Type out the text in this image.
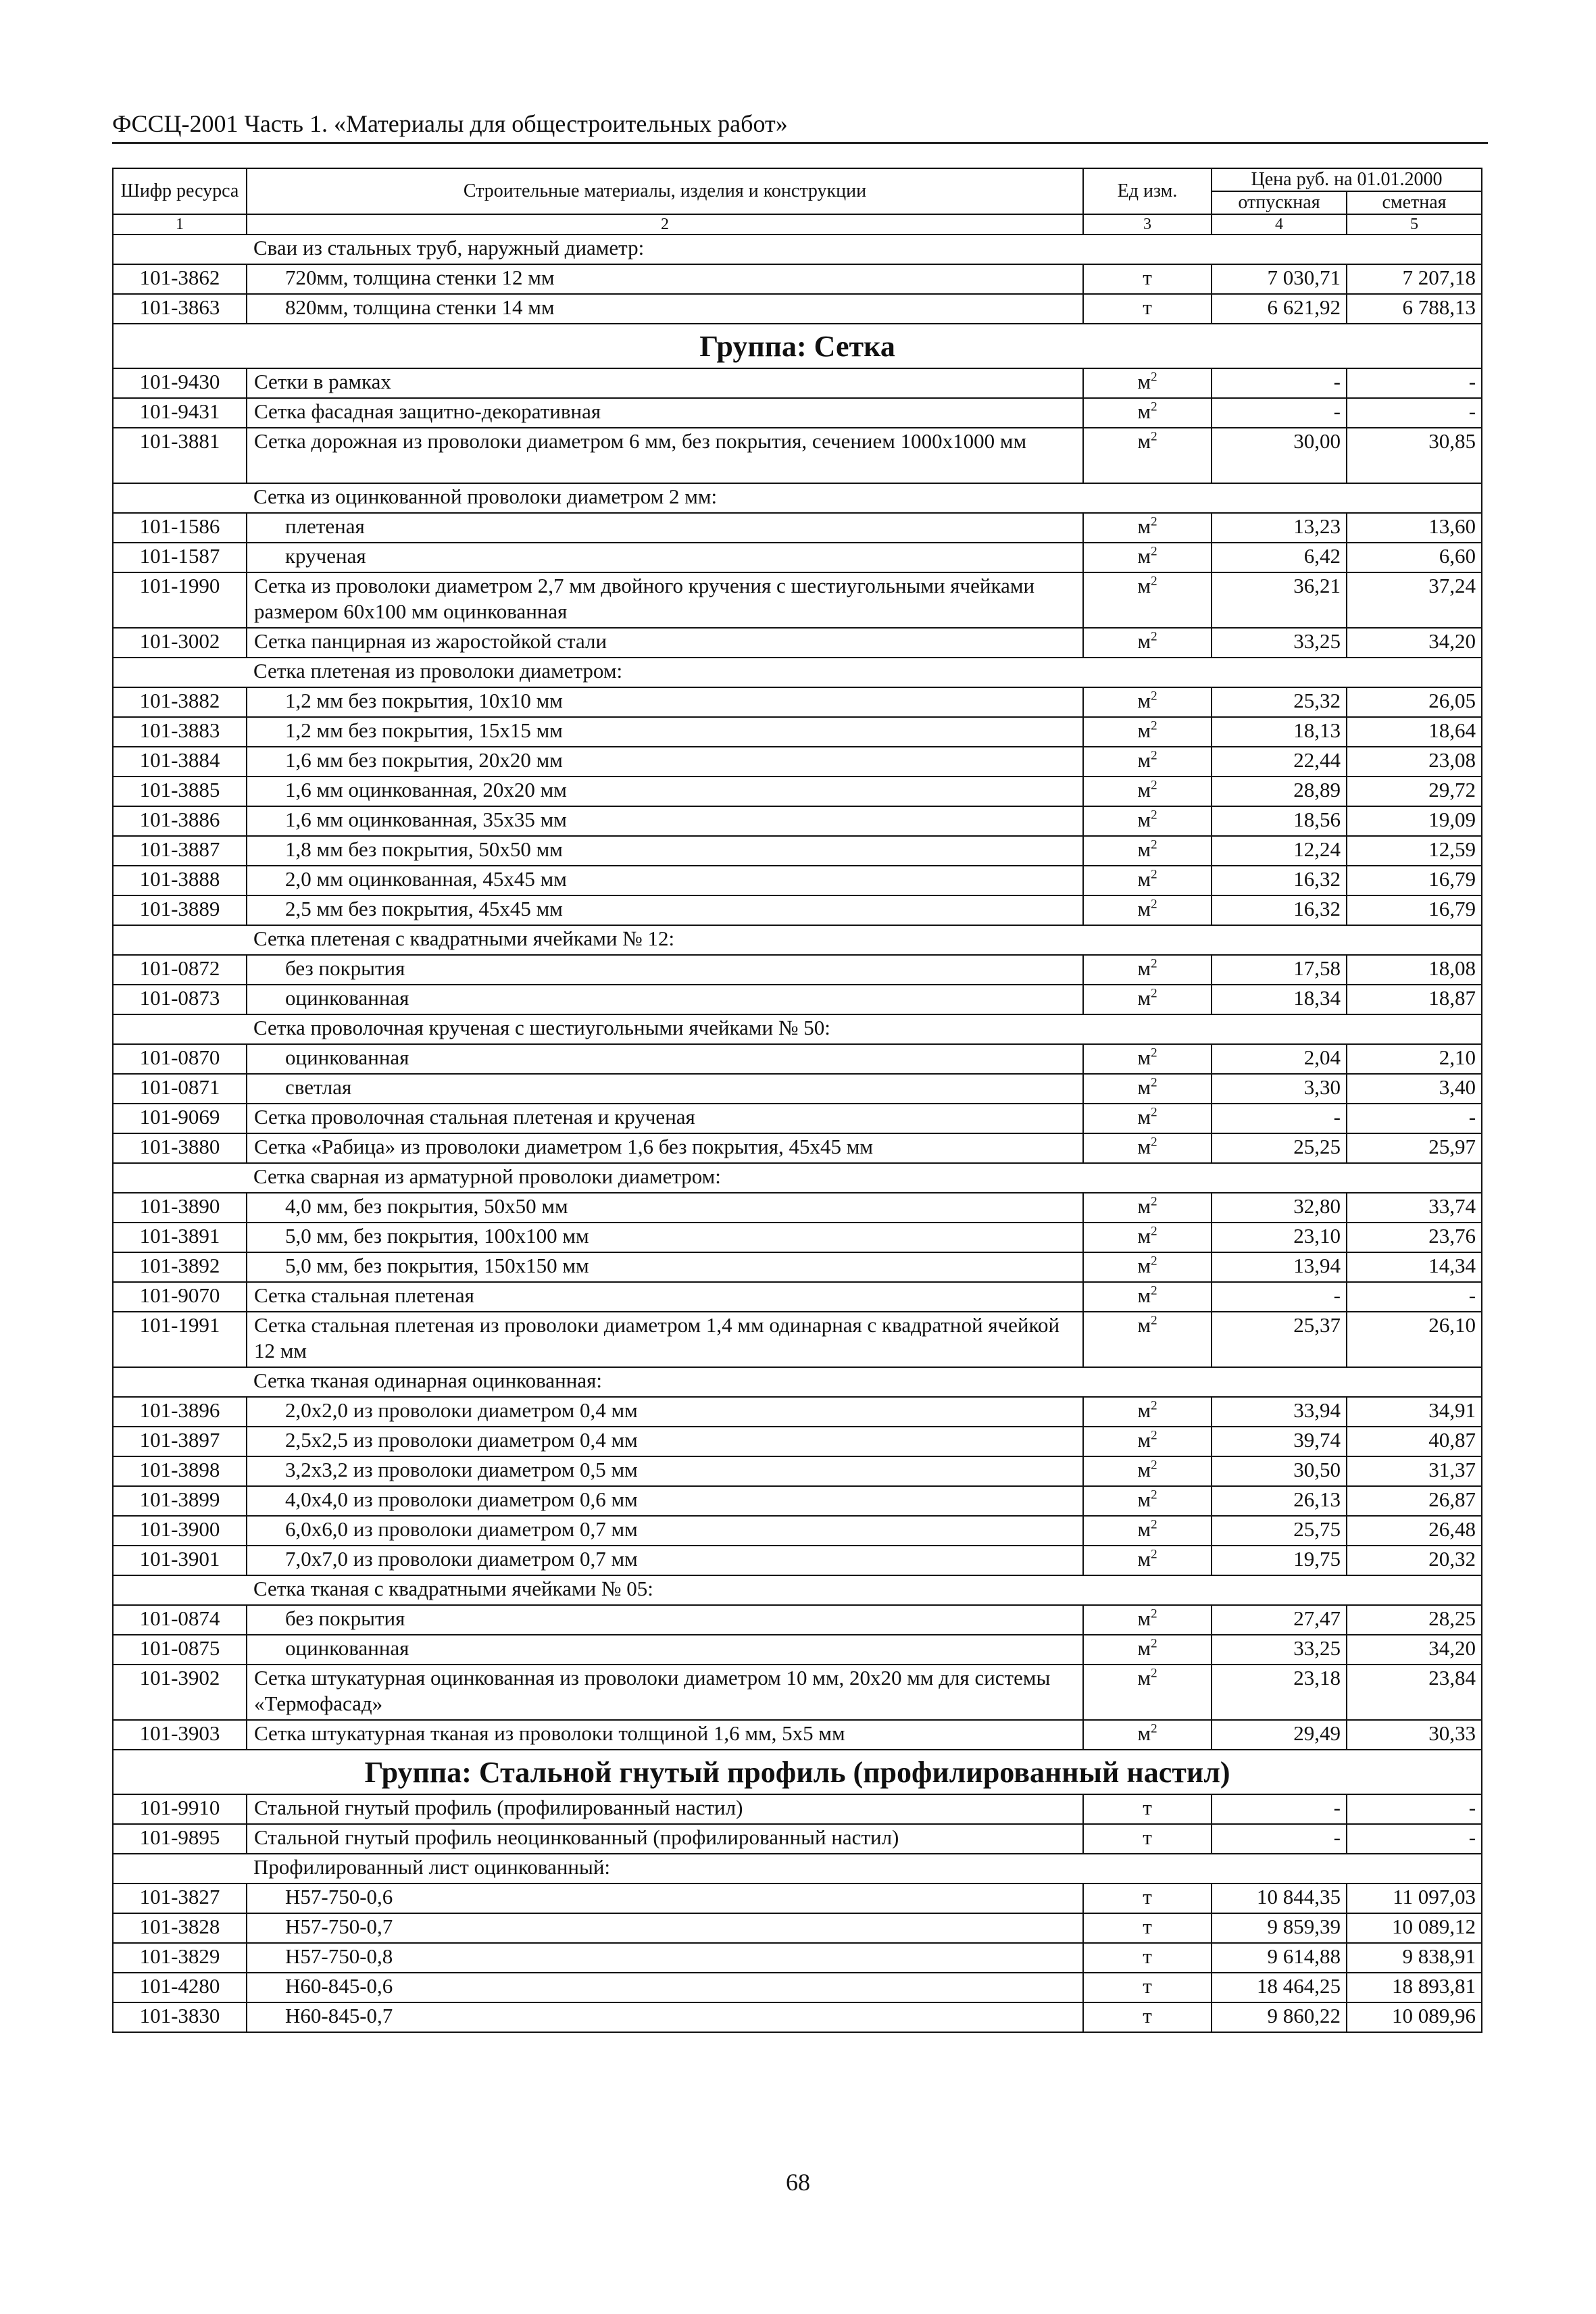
ФССЦ-2001 Часть 1. «Материалы для общестроительных работ»
Шифр ресурса	Строительные материалы, изделия и конструкции	Ед изм.	Цена руб. на 01.01.2000	
			отпускная	сметная
1	2	3	4	5
	Сваи из стальных труб, наружный диаметр:			
101-3862	720мм, толщина стенки 12 мм	т	7 030,71	7 207,18
101-3863	820мм, толщина стенки 14 мм	т	6 621,92	6 788,13
Группа: Сетка				
101-9430	Сетки в рамках	$м^2$	-	-
101-9431	Сетка фасадная защитно-декоративная	$м^2$	-	-
101-3881	Сетка дорожная из проволоки диаметром 6 мм, без покрытия, сечением 1000х1000 мм	$м^2$	30,00	30,85
	Сетка из оцинкованной проволоки диаметром 2 мм:			
101-1586	плетеная	$м^2$	13,23	13,60
101-1587	крученая	$м^2$	6,42	6,60
101-1990	Сетка из проволоки диаметром 2,7 мм двойного кручения с шестиугольными ячейками размером 60х100 мм оцинкованная	$м^2$	36,21	37,24
101-3002	Сетка панцирная из жаростойкой стали	$м^2$	33,25	34,20
	Сетка плетеная из проволоки диаметром:			
101-3882	1,2 мм без покрытия, 10х10 мм	$м^2$	25,32	26,05
101-3883	1,2 мм без покрытия, 15х15 мм	$м^2$	18,13	18,64
101-3884	1,6 мм без покрытия, 20х20 мм	$м^2$	22,44	23,08
101-3885	1,6 мм оцинкованная, 20х20 мм	$м^2$	28,89	29,72
101-3886	1,6 мм оцинкованная, 35х35 мм	$м^2$	18,56	19,09
101-3887	1,8 мм без покрытия, 50х50 мм	$м^2$	12,24	12,59
101-3888	2,0 мм оцинкованная, 45х45 мм	$м^2$	16,32	16,79
101-3889	2,5 мм без покрытия, 45х45 мм	$м^2$	16,32	16,79
	Сетка плетеная с квадратными ячейками № 12:			
101-0872	без покрытия	$м^2$	17,58	18,08
101-0873	оцинкованная	$м^2$	18,34	18,87
	Сетка проволочная крученая с шестиугольными ячейками № 50:			
101-0870	оцинкованная	$м^2$	2,04	2,10
101-0871	светлая	$м^2$	3,30	3,40
101-9069	Сетка проволочная стальная плетеная и крученая	$м^2$	-	-
101-3880	Сетка «Рабица» из проволоки диаметром 1,6 без покрытия, 45х45 мм	$м^2$	25,25	25,97
	Сетка сварная из арматурной проволоки диаметром:			
101-3890	4,0 мм, без покрытия, 50х50 мм	$м^2$	32,80	33,74
101-3891	5,0 мм, без покрытия, 100х100 мм	$м^2$	23,10	23,76
101-3892	5,0 мм, без покрытия, 150х150 мм	$м^2$	13,94	14,34
101-9070	Сетка стальная плетеная	$м^2$	-	-
101-1991	Сетка стальная плетеная из проволоки диаметром 1,4 мм одинарная с квадратной ячейкой 12 мм	$м^2$	25,37	26,10
	Сетка тканая одинарная оцинкованная:			
101-3896	2,0х2,0 из проволоки диаметром 0,4 мм	$м^2$	33,94	34,91
101-3897	2,5х2,5 из проволоки диаметром 0,4 мм	$м^2$	39,74	40,87
101-3898	3,2х3,2 из проволоки диаметром 0,5 мм	$м^2$	30,50	31,37
101-3899	4,0х4,0 из проволоки диаметром 0,6 мм	$м^2$	26,13	26,87
101-3900	6,0х6,0 из проволоки диаметром 0,7 мм	$м^2$	25,75	26,48
101-3901	7,0х7,0 из проволоки диаметром 0,7 мм	$м^2$	19,75	20,32
	Сетка тканая с квадратными ячейками № 05:			
101-0874	без покрытия	$м^2$	27,47	28,25
101-0875	оцинкованная	$м^2$	33,25	34,20
101-3902	Сетка штукатурная оцинкованная из проволоки диаметром 10 мм, 20х20 мм для системы «Термофасад»	$м^2$	23,18	23,84
101-3903	Сетка штукатурная тканая из проволоки толщиной 1,6 мм, 5х5 мм	$м^2$	29,49	30,33
Группа: Стальной гнутый профиль (профилированный настил)				
101-9910	Стальной гнутый профиль (профилированный настил)	т	-	-
101-9895	Стальной гнутый профиль неоцинкованный (профилированный настил)	т	-	-
	Профилированный лист оцинкованный:			
101-3827	Н57-750-0,6	т	10 844,35	11 097,03
101-3828	Н57-750-0,7	т	9 859,39	10 089,12
101-3829	Н57-750-0,8	т	9 614,88	9 838,91
101-4280	Н60-845-0,6	т	18 464,25	18 893,81
101-3830	Н60-845-0,7	т	9 860,22	10 089,96
68
